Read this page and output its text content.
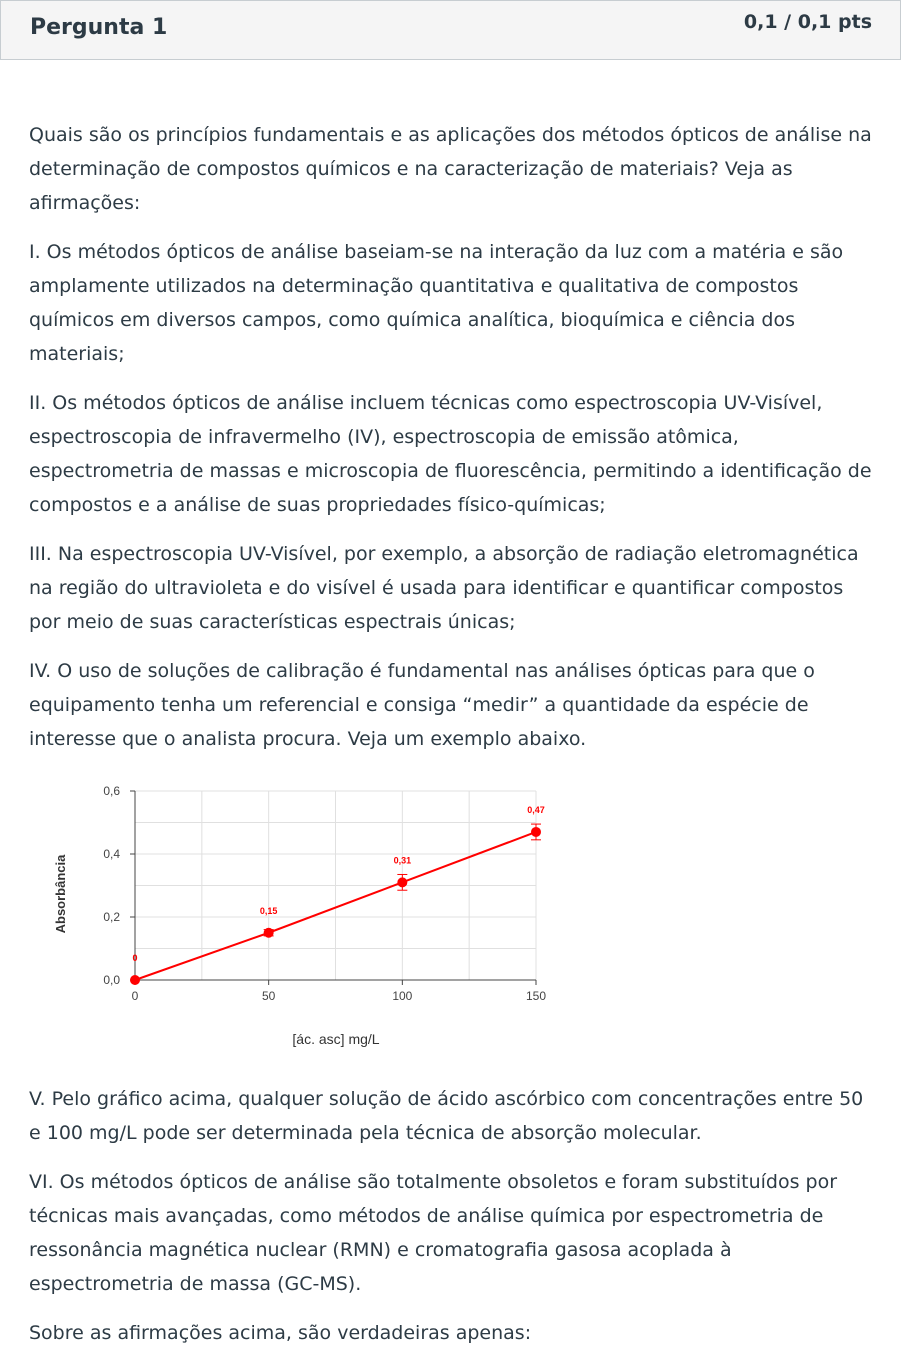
Pergunta 1	0,1 / 0,1 pts

Quais são os princípios fundamentais e as aplicações dos métodos ópticos de análise na determinação de compostos químicos e na caracterização de materiais? Veja as afirmações:

I. Os métodos ópticos de análise baseiam-se na interação da luz com a matéria e são amplamente utilizados na determinação quantitativa e qualitativa de compostos químicos em diversos campos, como química analítica, bioquímica e ciência dos materiais;

II. Os métodos ópticos de análise incluem técnicas como espectroscopia UV-Visível, espectroscopia de infravermelho (IV), espectroscopia de emissão atômica, espectrometria de massas e microscopia de fluorescência, permitindo a identificação de compostos e a análise de suas propriedades físico-químicas;

III. Na espectroscopia UV-Visível, por exemplo, a absorção de radiação eletromagnética na região do ultravioleta e do visível é usada para identificar e quantificar compostos por meio de suas características espectrais únicas;

IV. O uso de soluções de calibração é fundamental nas análises ópticas para que o equipamento tenha um referencial e consiga “medir” a quantidade da espécie de interesse que o analista procura. Veja um exemplo abaixo.

0,0
0,2
0,4
0,6
0	50	100	150
0
0,15
0,31
0,47
Absorbância
[ác. asc] mg/L

V. Pelo gráfico acima, qualquer solução de ácido ascórbico com concentrações entre 50 e 100 mg/L pode ser determinada pela técnica de absorção molecular.

VI. Os métodos ópticos de análise são totalmente obsoletos e foram substituídos por técnicas mais avançadas, como métodos de análise química por espectrometria de ressonância magnética nuclear (RMN) e cromatografia gasosa acoplada à espectrometria de massa (GC-MS).

Sobre as afirmações acima, são verdadeiras apenas:
